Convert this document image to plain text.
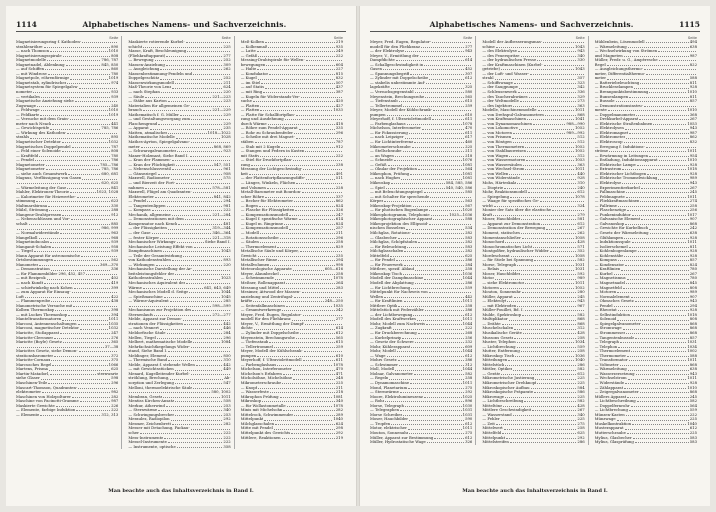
1114	Alphabetisches Namens- und Sachverzeichnis.
Seite
Magnetisierungsring f. Kathoden-
strahlenröhre	890
— nach Thomson	1010
Magnetisierungsspirale	808
Magnetmodelle	786, 787
Magnetnadel, Ablenkung	845, 850
— auf Schiffen	860
— mit Windrose	780
Magnetpole, röhrenförmige	1019
Magnetstab, zylindrischer	974
Magnetsystem für Spiegelgalva-
nometer	933
— vertikales	939
Magnetische Anziehung siehe
Zugwaage	240
— Feldwage	1010
— Feldkarte	1019
— Versuche mit dem Grain-
meter nach Neack	441
— Gewichtsprüfe	785, 786
— Wirkung des Kathoden-
strahls	895
Magnetischer Detektor	1032
Magnetisches Doppelpendel	787
— Feld einer Solenoide	808
— Kraftfeld	780
— Pendel	786
Magnetometer	785—786
Magnetometer	785, 786
— siehe auch Gesamtwerk	680, 681
Magnus, Verflüssigung von Gasen
620, 625
— Wärmeleitung der Gase	841
Mahler, Elektronen-Theorie	1023, 1028
— Kalorimeter für Heizwerthe-
stimmung	623
Maltmarsbiruna	330
Mälzl, Strömung	288
Mangene-Drahtpressen	912
— Nebenschlüssen und Vor-
schalt	885
986, 999
— Normalwiderstände	963
Mangelkoll	968
Magnetinducalos	939
Manganit-Schalen	958
— Tiegel	939
Mann Apparat für astronomische
Ortsbestimmungen	562
Manometer	369—370
— Demonstration	336
— für Flammenbilder 296, 452, 457
— mit Reziprok	402
— nach Kundt	419
— schiefwinkelig nach Kohen	399
— zum Apparat für Einsaug-
Luft	422
— Flammenprobe	438
Manometrische Versuche mit
Kolben Thermoskop	398
— mit Luckes Thermoskop	394
Manteltransformatoren	1011
Marconi, Antennenschaltungen	1035
Marconi, magnetischer Detektor	1032
Mariotte, Stoßapparat	247
Mariotte-Clerouxer	276
Mariotte (Boyle) Gesetz	365
37—38
Mariottes Gesetz, siehe Demon-
strationsbarometer	372
Mariotte-Cornaux	375
Marcusches Regel	1066
Martens, Prisma	625
Martin-Matadorl,	sternwarte
siehe Glaser	598
Maschinen-Teile	296
Mascart-Thomson, Quadranten-
elektrometer	982
Maschinen von Holzpolturer	282
Maschine von Pacinotti-Gramme	987
Maskierte Gewichte	226
— Elemente, farbige Induktion	222
— Elemente	312, 313
Seite
Maskierte rotierende Kurbel-
schicht	225
Masse, Kraft, Beschleunigung
(Fliehkraftapparat)	277
— Bewegung	252
Massen-Anziehung	309
— Ausgleichung	262
Massenbestimmung-Pendeln und
Doppelgeschütz	252
Massenwirkungsmodell	211
Maß-Theorie von Lenz	624
— nach Stephan	220
— Säule	221—223
— Stäbe aus Karton	223
Materialien für allgemeinen Ge-
brauch	221—229
Mathematisch f. G. Müller	229
— und Gestaltungsvorgang zum
Flaschengrund	229
— Apparat	235
Matten, atmalisches	1018—1022
Mathematische Modelle	1028
Mathes-Ayrton, Spiegelgalvano-
meter	868, 869
— Schwarzgalvanometer	923
Maner-Holzmast, Siehe Band I.
— Kran der Flammen-
— Kran der Flüchtigkeit	547, 551
— Nebenschlussventil	961
— Gänseziegel	958
Maxwell, Radiometer	575
— und Bierzeit der Fort-
nahmen	578—581
Maxwell, Flügel am Quadranten-
Elektrometer	841, 842
— Pendel	294
— Tangentenlippen	981
— Kompass	222
Mechanik, allgemeine	221—284
— Demonstrationen mit dem
Kompensator nach Kenck	481
— der Flüssigkeiten	319—344
— der Gase	346—364
— fester Körper	221—318
Mechanischer Wirkungs-	Siehe Band I.
Mechanische Leistung Effekt von
Dampfmaschinen	1043
— Teile der Gesamtwirkung
von Kathodenstrahlen	893
— Wirkungen	220
Mechanische Darstellung der Ar-
beitsleistungsfehler der
Kathodenstrahlen	1023
Mechanisches Äquivalent der
Wärme	641, 643, 649
Mechanisches Modell d. Seitge	1044
— Spießmaschine	1045
— Wärme-Äquivalent	285
598—599
Mechanismus zur Projektion des
Sternenlaufs	272—277
Melde, Apparat zur Demon-
strationen der Flüssigkeiten	442
— nach Vennert	446
Meldorfische Säule	284
Mellen, Tiegel	296
Melbert, mathematische Modelle	1084
Mehrfachsichtkegelungs Wider-
stand, Siehe Band I.
Meldinger, Element	850
— Thermische Band	310
Melde, Apparat f. stehende Wellen	442
— mit Gewichtsstücken	449
Menard, Kugelleitender Kurbel-
ströhlung, Brechung,	Ab-
sorption und Zerlegung	547
Melloni, thermoelektrische Säule
580, 1002
Membran, Gesetz	1011
Mentiss Kirchen-Ansatz	558
Merkur, Ätherwind	253
— Sternwärme	340
— Schwingungsbrecher	253
Meraulez, Radiopilon	292
Mesmer, Zeichenbrett	282
Messer mit Detachung, Fackau-
scher	222
Mess-Instrumente	222
Messel-Instrumente	222
— Instrumente, optische	358
Seite
Meß-Kolben	219
— Kolbenmaß	935
— Latte	249
— Gefäß	222
Messing-Drahtspirale für Wellen-
bewegungen	604
— Halte	227
— Kondukator	815
— Kugel	832
— im Stiel	507
— auf Statis	437
— mit Ring	387
— Kugeln für Widerstands-Ver-
suche	420
— Platten	427
— Platten	1033
— Platte für Schallfortpflan-
zung und Ausdehnung
durch Wärme	418
— Röhre zum Pendel-Apparat	335
— Rohr zu Schraubenfeder	296
— Scheibe mit drei Magnet-
stäben	787
— Stab mit 2 Kugeln	912
— Stangen und Federn in Kasten
mit Stativ	222
— Stiel für Druckfortpflan-
zung	238
Messung der Lichtgeschwindig-
keit	491
— der Plattenfortpflanzungsdiffe-	511
— Länges, Winkeln, Flächen
und Volumen	228
Metall-Barometer mit Bourdon-
scher Röhre	337
— Becher für Elektrometer	862
— Bogen	824
— Flasche für Flüssigkeiten	326
— Kompensationsmodell	247
— Kugel f. spezifische Wärme	614
— Kugel m. Ringrinne	824
— Kompensationsmodell	257
— Modell	211
— Rotationsscheibe	296
— Säulen	258
— Thermoelement	829
Metallische Säule und Körper,
Gewicht	235
Metallischer Rinne	294
Metallvolumen	998
Meteorologische Apparate	605—616
Meyer, Alaunbeckel	258
— Schwimmende	1078
Meßner, Rollenapparat	264
Messung und Mittel	283
Mesimer, Attwood der Massen-
anziehung und Zentrifugal-
kräfte	248—250
— Seitenfallmaschinen	1035
— Gesamtwerkzeuge	242
Meyer, Fred. Eugen, Regulator-
modell für den Fliehkranz	277
Meyer, V., Ermittlung der Dampf-
dichte	614
— Zylinder mit Doppelscheibe	612
Meyenstein, Brechungsrohe	565
— Tiefenstaub	615
— Tellertrommel	259
Meyer, Modell der Kühlschrank-
pumpen	610
Meyerhoff, f. Ultraviolettmodell	611
— Farbenglashaus	1078
Michelson, Interferometer	470
Michelson's Erfahren	471
Micholsöhne, Michelsöhne	248
Mikrometerschraube	225
— Knopf	211
— Wasserfeste	218
Mikrophon Prüfung	1081
Mikroskop	340
— für Wollastonmetalle	1078
Minis mit Michelsohn	282
Mittelrock, Schwimmender	289
Mittelpunkt	1040
Milchglasschalen	624
Mitte mit Pendel	298
Mittelpunkt des Gewichts	292
Mittlere, Reaktionen	219
Man beachte auch das Inhaltsverzeichnis in Band I.
Alphabetisches Namens- und Sachverzeichnis.	1115
Seite
Meyer, Fred. Eugen, Regulator-
modell für den Fliehkranz	277
— der Elektrolyse	943
Meyer, V., Ermittlung der
Dampfdichte	614
— Schallgeschwindigkeit in
Gasen	452
— Spannungsbegriff	307
— Zylinder mit Doppelscheibe	612
— stabelis unbestimmte Auf-
lagekräfte	325
— Versuchsgegenstabl	580
Meyenstein, Brechungsrohe	565
— Tiefenstaub	615
— Tellertrommel	259
Meyer, Modell der Kühlschrank-
pumpen	610
Meyerhoff, f. Ultraviolettmodell	611
— Farbenglashaus	1078
Michelson, Interferometer	470
— für Fokussierung	611
— nach Leipziger	617
— für Lichtinterferenz	460
Mikrometerschraube	225
— Stellschraube	211
— an Wagen	218
— Schneide	1076
— Gefäß	1081
— Okular der Projektion	564
Mikrophon, Prüfung	1081
— nach Hughes	1081
Mikroskop	584, 585, 586
— Spiel	540, 540, 586
— mit Beleuchtungsspiegel	585
— mit Schalter für sprechende
Körper	563
Mikroskop-Projektion	567
— für photischen Bogenlampe	1020
Mikrophotogramm, Telephonie	1025—1036
Mikrophotographischer Apparat	588
Mikroprojektion des Ellipsoid-
nischen Bosselens	534
Milchglas, Rotations-	282
— Glasbecher	583
Milchglas, Schöpfsäulen	282
— für Beleuchtung	583
Milchglasschalen	282
Mittelfeld	625
— für Pendel	286
— für Feuerwerk	284
Mittlere, spezif. Ablauf	258
Mikroskop Tisch	1036
Modell der Dampfmaschine	1044
Modell der Abplattung	286
— für Lichtbrechung	559
Mittelpunkt für Nachweis von
Wellen	442
— für Kraftlinien	1011
Mittlere Optik	258
Mittelstück mit Federzähler	286
— der Lichtbewegung	612
Modell des Kraftwerkes	1011
Mohr, Modell zum Nachweis	1044
— Zugkraft	222
— für Druckberechnung	268
— Kurbelprinzip	256
— Gesetz der Schwere	232
Mohr, Kühlerapparat	609
Mohr, Modell	1044
— Wage	612
Mohrs Gesetz	286
— Schwimmer	312
Moll, Modell	1044
Molnar, Galvanometer	582
— Regeln	258
— Dynamomaschine	1011
Mond, Planetarium	275
— Sternwärme	292
Moore, Elektrolumineszenz	1025
— Rohr	896
Morse, Telegraph	1030
— Telegraphen	1031
Morse Schreiber	1031
Moser, Hauchbilder	590
— Tropfen	612
Motor, elektrischer	1011
Mouton, Sonnenuhr	275
Müller, Apparat zur Bestimmung	612
Müller, Hydrostatische Wage	326
Seite
Modell der Aufbesserungsmas-
schine	1043
— des Elektrolyse	943
— des Feuerspritze	340
— der hydraulischen Presse	330
— der Kraftmaschinen (Kurbel-
getriebe)	1043
— der Luft- und Wasser-
strahl	357
— Schiffswaage	323
— der Saugpumpe	342
— Schleusenwerk	336
— des Taucherabwänes	329
— der Weltmodelle	273
— des Injektors	363
Modelle, Maschinenmodelle	1011
— von Drehspul-Galvanometern	868
— von Kraftmaschinen	1041
— von Dynamomaschinen	988—990
— von Lokomotive	1052
— von Motoren	989—992
— von Prismen	512
— von Röntgen	512
— von Thermometern	1052
— von Stahlbauweisen	1052
— von Wagen	312
— von Wassermotoren	1053
— von Wassersäulen	363
— von Wechsel-Strom	1011
— von Wellen	440
— von Widerstände	928
Mohs, Härteskala	310
— Dioptrie	240
Mohr, Reaktionsmodell	612
— Spiegelung	1078
— Waage für spezifisches Ge-
wicht	324
Monier der Satz über die elastische
Kraft	279
Moser, Hauchbilder	581
— Apparat zur Demonstration	612
— Demonstration der Bewegung	267
Moment, statisches	262
Momentanschließer	1058
Monochord	428
Monochromatisches Licht	571
Montgolfier, hydraulischer Widder	352
Mordeschrant	1058
— für Stiele bei Spannung	582
Morse, Telegraph	1031
— Relais	1031
Moser, Hauchbilder	592
Motor	989
— siehe Elektromotor	1011
Motoren	1052
Mouton, Sonnenuhr	280
Müller, Apparat	245
— Elektrolyt	943
— mit Elektroden	967
Müller-Pouillet, Bd. I.
Mulde, Spektroskop	582
Multiplikator	868
— Drähte	868
Muschelschalen	312
Musikalische Geräte	428
Mussons Gesetz	258
Muster, Telephon	1034
— Lichtbrechung	559
Mutter, Entfernung	258
Mikroskop Tisch	1036
Mitteilungen	1040
Mittelstück	286
Mittler, Optiker	582
— Geräte	612
Mikrometrische Justierung	225
Mikrometrischer Drehknopf	225
Mikroskopischer Aufbau	584
Mikroskopische Präparate	586
Mikrowage	225
— Lichtbeschreibung	582
Mitteltöne	428
Mittlere Geschwindigkeit	267
— Wasserstand	340
— Fehler	225
— Zeit	275
Mittelwert	258
Mittelfeld	625
Mittelpunkt	292
Mittelstreifen	286
Seite
Mühlenbein, Lösenmodell	494
— Wärmeleitung	638
— Wechselwirkung von Strömen
und Magneten	987
Müller, Fredr. u. G., Ampèresche
Regel	822
— Ausgleichungsthermo-
meter, Differentialthermo-
meter	588
— Batteriebeleuchtung	811
— Bruckleselampen	928
— Brennpunktsbestimmung	1010
— Bunsenlampen	811
— Bussole	857
— Demonstrationsinstru-
mente	1010
— Doppelmanometer	368
— Drehkurbel-Apparat	267
— Elektrische Straßenbahnen	1053
— Elektrolysen	943
— Elektromagnet	987
— Elektrometer	862
— Elektroscop	832
— Erregung f. Induktions-
ströme	1011
— Erwärmung in Leitungen	954
— Entladung, Induktionsapparat	1010
— Elektrische Lampe	928
— Extrastrom	1018
— Elektrischer Lichtbogen	928
— Elektrische Trommelwicklung	989
— Elektrolyse	943
— Experimentierkurbel	267
— Fallmaschine	245
— Feldmagnete	1011
— Fliehkraftmaschinen	274
— Fallrinne	258
— Flaschenzüge	256
— Funkeninduktor	1017
— Galvanische Element	907
— Galvanoskop	868
— Gewichte für Kurbelbuch	242
— Gesetz der Wärmeleitung	638
— Glühlampen	928
— Induktionsspule	1011
— Isolierschemel	811
— Kohlenbogenlampe	928
— Kohlenstäbe	928
— Kompass	857
— Kondensator	824
— Kraftlinien	780
— Kurbel	267
— Magnetismus	780
— Magnetnadel	845
— Magnetfeld	808
— Motoren	989
— Normalelement	907
— Ohmsches Gesetz	943
— Pendel	294
— Rheostat	928
— Selbstinduktion	1018
— Solenoid	808
— Spiegelgalvanometer	868
— Stromwage	868
— Strommesser	868
— Tangentenbussole	857
— Telegraph	1031
— Telephon	1034
— Thermoelement	1002
— Thermometer	588
— Transformator	1011
— Voltmeter	868
— Wärmeleitung	638
— Wasserzersetzung	943
— Wechselstrom	1011
— Widerstände	928
— Zählapparat	1010
— Zeigergalvanometer	868
Müllers Apparat	245
— Lichtbeschreibung	582
— Doppelfernrohr	564
— Lichtbrechung	559
Münzen-Kasten	222
Münzwage	225
Muskelkontraktion	1040
Musterapparat	612
Mutterschraube	225
Mylius, Glasbecher	583
Mylius, Glasprüfung	583
Man beachte auch das Inhaltsverzeichnis in Band I.
